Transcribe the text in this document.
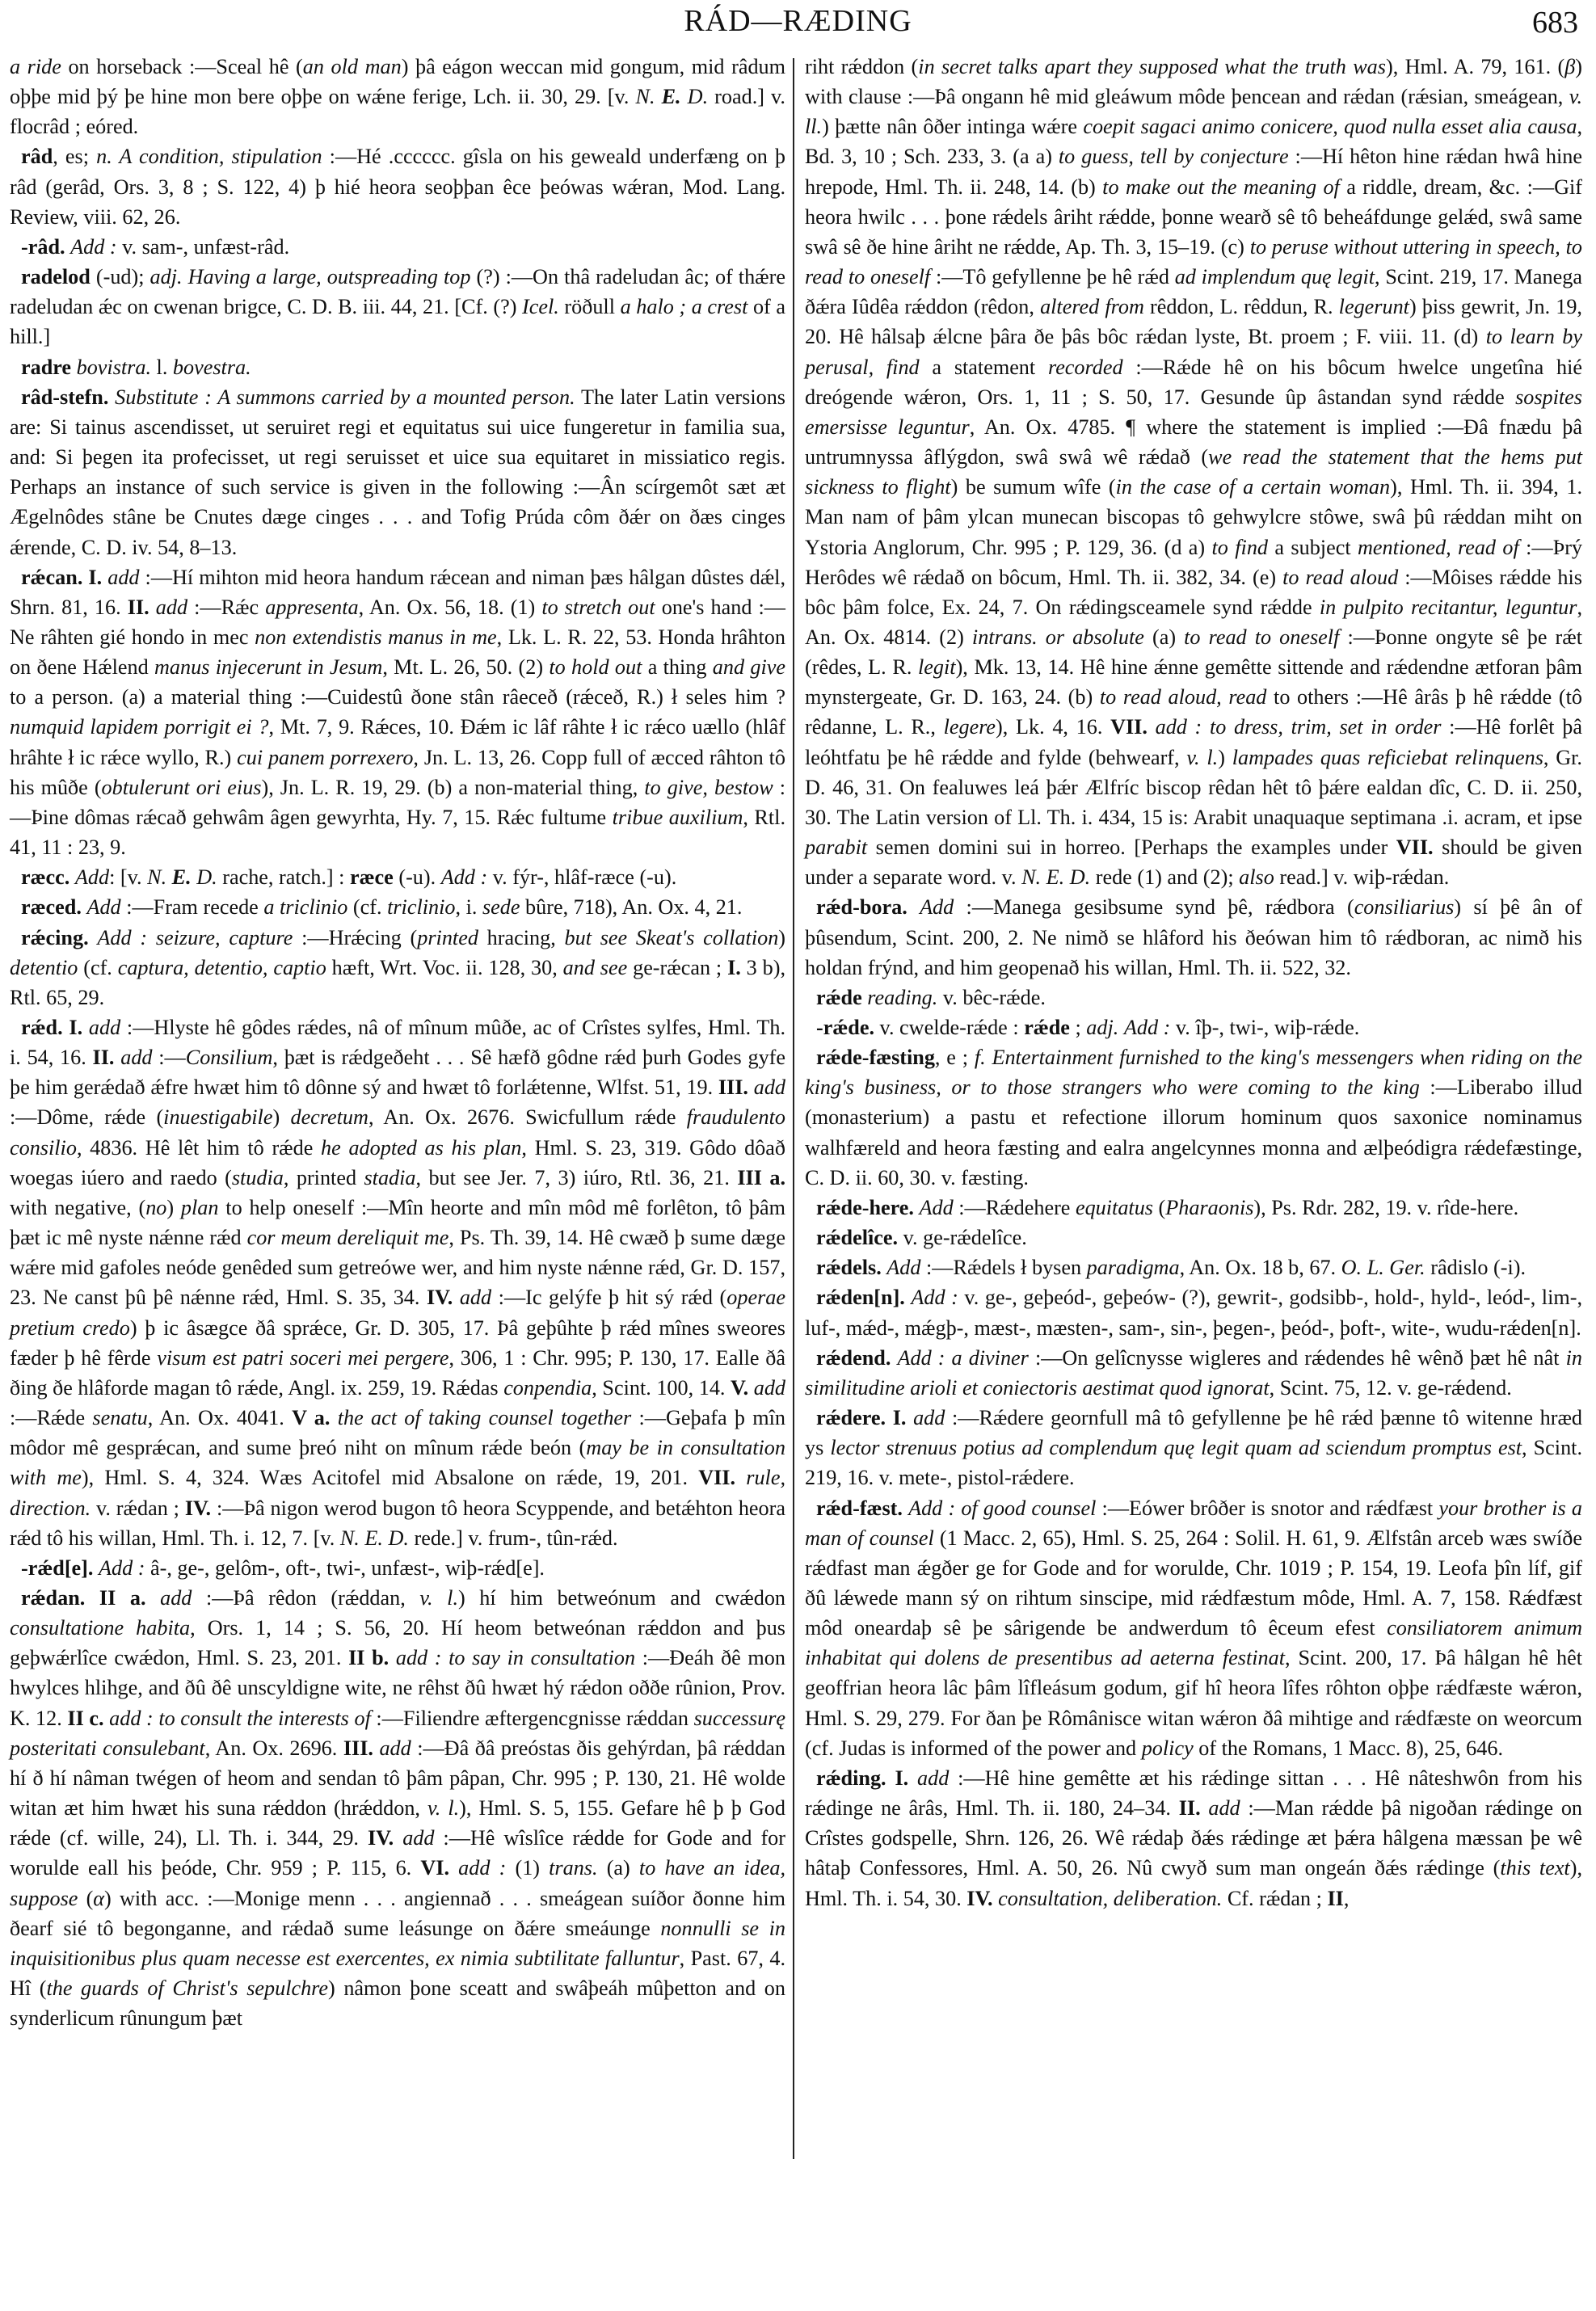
RÁD—RÆDING	683

a ride on horseback :—Sceal hê (an old man) þâ eágon weccan mid gongum, mid râdum oþþe mid þý þe hine mon bere oþþe on wǽne ferige, Lch. ii. 30, 29. [v. N. E. D. road.] v. flocrâd ; eóred.

râd, es; n. A condition, stipulation :—Hé .cccccc. gîsla on his geweald underfæng on þ râd (gerâd, Ors. 3, 8 ; S. 122, 4) þ hié heora seoþþan êce þeówas wǽran, Mod. Lang. Review, viii. 62, 26.

-râd. Add : v. sam-, unfæst-râd.

radelod (-ud); adj. Having a large, outspreading top (?) :—On thâ radeludan âc; of thǽre radeludan ǽc on cwenan brigce, C. D. B. iii. 44, 21. [Cf. (?) Icel. röðull a halo ; a crest of a hill.]

radre bovistra. l. bovestra.

râd-stefn. Substitute : A summons carried by a mounted person. The later Latin versions are: Si tainus ascendisset, ut seruiret regi et equitatus sui uice fungeretur in familia sua, and: Si þegen ita profecisset, ut regi seruisset et uice sua equitaret in missiatico regis. Perhaps an instance of such service is given in the following :—Ân scírgemôt sæt æt Ægelnôdes stâne be Cnutes dæge cinges . . . and Tofig Prúda côm ðǽr on ðæs cinges ǽrende, C. D. iv. 54, 8–13.

rǽcan. I. add :—Hí mihton mid heora handum rǽcean and niman þæs hâlgan dûstes dǽl, Shrn. 81, 16. II. add :—Rǽc appresenta, An. Ox. 56, 18. (1) to stretch out one's hand :—Ne râhten gié hondo in mec non extendistis manus in me, Lk. L. R. 22, 53. Honda hrâhton on ðene Hǽlend manus injecerunt in Jesum, Mt. L. 26, 50. (2) to hold out a thing and give to a person. (a) a material thing :—Cuidestû ðone stân râeceð (rǽceð, R.) ł seles him ? numquid lapidem porrigit ei ?, Mt. 7, 9. Rǽces, 10. Ðǽm ic lâf râhte ł ic rǽco uællo (hlâf hrâhte ł ic rǽce wyllo, R.) cui panem porrexero, Jn. L. 13, 26. Copp full of æcced râhton tô his mûðe (obtulerunt ori eius), Jn. L. R. 19, 29. (b) a non-material thing, to give, bestow :—Þine dômas rǽcað gehwâm âgen gewyrhta, Hy. 7, 15. Rǽc fultume tribue auxilium, Rtl. 41, 11 : 23, 9.

ræcc. Add: [v. N. E. D. rache, ratch.] : ræce (-u). Add : v. fýr-, hlâf-ræce (-u).

ræced. Add :—Fram recede a triclinio (cf. triclinio, i. sede bûre, 718), An. Ox. 4, 21.

rǽcing. Add : seizure, capture :—Hrǽcing (printed hracing, but see Skeat's collation) detentio (cf. captura, detentio, captio hæft, Wrt. Voc. ii. 128, 30, and see ge-rǽcan ; I. 3 b), Rtl. 65, 29.

rǽd. I. add :—Hlyste hê gôdes rǽdes, nâ of mînum mûðe, ac of Crîstes sylfes, Hml. Th. i. 54, 16. II. add :—Consilium, þæt is rǽdgeðeht . . . Sê hæfð gôdne rǽd þurh Godes gyfe þe him gerǽdað ǽfre hwæt him tô dônne sý and hwæt tô forlǽtenne, Wlfst. 51, 19. III. add :—Dôme, rǽde (inuestigabile) decretum, An. Ox. 2676. Swicfullum rǽde fraudulento consilio, 4836. Hê lêt him tô rǽde he adopted as his plan, Hml. S. 23, 319. Gôdo dôað woegas iúero and raedo (studia, printed stadia, but see Jer. 7, 3) iúro, Rtl. 36, 21. III a. with negative, (no) plan to help oneself :—Mîn heorte and mîn môd mê forlêton, tô þâm þæt ic mê nyste nǽnne rǽd cor meum dereliquit me, Ps. Th. 39, 14. Hê cwæð þ sume dæge wǽre mid gafoles neóde genêded sum getreówe wer, and him nyste nǽnne rǽd, Gr. D. 157, 23. Ne canst þû þê nǽnne rǽd, Hml. S. 35, 34. IV. add :—Ic gelýfe þ hit sý rǽd (operae pretium credo) þ ic âsægce ðâ sprǽce, Gr. D. 305, 17. Þâ geþûhte þ rǽd mînes sweores fæder þ hê fêrde visum est patri soceri mei pergere, 306, 1 : Chr. 995; P. 130, 17. Ealle ðâ ðing ðe hlâforde magan tô rǽde, Angl. ix. 259, 19. Rǽdas conpendia, Scint. 100, 14. V. add :—Rǽde senatu, An. Ox. 4041. V a. the act of taking counsel together :—Geþafa þ mîn môdor mê gesprǽcan, and sume þreó niht on mînum rǽde beón (may be in consultation with me), Hml. S. 4, 324. Wæs Acitofel mid Absalone on rǽde, 19, 201. VII. rule, direction. v. rǽdan ; IV. :—Þâ nigon werod bugon tô heora Scyppende, and betǽhton heora rǽd tô his willan, Hml. Th. i. 12, 7. [v. N. E. D. rede.] v. frum-, tûn-rǽd.

-rǽd[e]. Add : â-, ge-, gelôm-, oft-, twi-, unfæst-, wiþ-rǽd[e].

rǽdan. II a. add :—Þâ rêdon (rǽddan, v. l.) hí him betweónum and cwǽdon consultatione habita, Ors. 1, 14 ; S. 56, 20. Hí heom betweónan rǽddon and þus geþwǽrlîce cwǽdon, Hml. S. 23, 201. II b. add : to say in consultation :—Ðeáh ðê mon hwylces hlihge, and ðû ðê unscyldigne wite, ne rêhst ðû hwæt hý rǽdon oððe rûnion, Prov. K. 12. II c. add : to consult the interests of :—Filiendre æftergencgnisse rǽddan successurę posteritati consulebant, An. Ox. 2696. III. add :—Ðâ ðâ preóstas ðis gehýrdan, þâ rǽddan hí ð hí nâman twégen of heom and sendan tô þâm pâpan, Chr. 995 ; P. 130, 21. Hê wolde witan æt him hwæt his suna rǽddon (hrǽddon, v. l.), Hml. S. 5, 155. Gefare hê þ þ God rǽde (cf. wille, 24), Ll. Th. i. 344, 29. IV. add :—Hê wîslîce rǽdde for Gode and for worulde eall his þeóde, Chr. 959 ; P. 115, 6. VI. add : (1) trans. (a) to have an idea, suppose (α) with acc. :—Monige menn . . . angiennað . . . smeágean suíðor ðonne him ðearf sié tô begonganne, and rǽdað sume leásunge on ðǽre smeáunge nonnulli se in inquisitionibus plus quam necesse est exercentes, ex nimia subtilitate falluntur, Past. 67, 4. Hî (the guards of Christ's sepulchre) nâmon þone sceatt and swâþeáh mûþetton and on synderlicum rûnungum þæt

riht rǽddon (in secret talks apart they supposed what the truth was), Hml. A. 79, 161. (β) with clause :—Þâ ongann hê mid gleáwum môde þencean and rǽdan (rǽsian, smeágean, v. ll.) þætte nân ôðer intinga wǽre coepit sagaci animo conicere, quod nulla esset alia causa, Bd. 3, 10 ; Sch. 233, 3. (a a) to guess, tell by conjecture :—Hí hêton hine rǽdan hwâ hine hrepode, Hml. Th. ii. 248, 14. (b) to make out the meaning of a riddle, dream, &c. :—Gif heora hwilc . . . þone rǽdels âriht rǽdde, þonne wearð sê tô beheáfdunge gelǽd, swâ same swâ sê ðe hine âriht ne rǽdde, Ap. Th. 3, 15–19. (c) to peruse without uttering in speech, to read to oneself :—Tô gefyllenne þe hê rǽd ad implendum quę legit, Scint. 219, 17. Manega ðǽra Iûdêa rǽddon (rêdon, altered from rêddon, L. rêddun, R. legerunt) þiss gewrit, Jn. 19, 20. Hê hâlsaþ ǽlcne þâra ðe þâs bôc rǽdan lyste, Bt. proem ; F. viii. 11. (d) to learn by perusal, find a statement recorded :—Rǽde hê on his bôcum hwelce ungetîna hié dreógende wǽron, Ors. 1, 11 ; S. 50, 17. Gesunde ûp âstandan synd rǽdde sospites emersisse leguntur, An. Ox. 4785. ¶ where the statement is implied :—Ðâ fnædu þâ untrumnyssa âflýgdon, swâ swâ wê rǽdað (we read the statement that the hems put sickness to flight) be sumum wîfe (in the case of a certain woman), Hml. Th. ii. 394, 1. Man nam of þâm ylcan munecan biscopas tô gehwylcre stôwe, swâ þû rǽddan miht on Ystoria Anglorum, Chr. 995 ; P. 129, 36. (d a) to find a subject mentioned, read of :—Þrý Herôdes wê rǽdað on bôcum, Hml. Th. ii. 382, 34. (e) to read aloud :—Môises rǽdde his bôc þâm folce, Ex. 24, 7. On rǽdingsceamele synd rǽdde in pulpito recitantur, leguntur, An. Ox. 4814. (2) intrans. or absolute (a) to read to oneself :—Þonne ongyte sê þe rǽt (rêdes, L. R. legit), Mk. 13, 14. Hê hine ǽnne gemêtte sittende and rǽdendne ætforan þâm mynstergeate, Gr. D. 163, 24. (b) to read aloud, read to others :—Hê ârâs þ hê rǽdde (tô rêdanne, L. R., legere), Lk. 4, 16. VII. add : to dress, trim, set in order :—Hê forlêt þâ leóhtfatu þe hê rǽdde and fylde (behwearf, v. l.) lampades quas reficiebat relinquens, Gr. D. 46, 31. On fealuwes leá þǽr Ælfríc biscop rêdan hêt tô þǽre ealdan dîc, C. D. ii. 250, 30. The Latin version of Ll. Th. i. 434, 15 is: Arabit unaquaque septimana .i. acram, et ipse parabit semen domini sui in horreo. [Perhaps the examples under VII. should be given under a separate word. v. N. E. D. rede (1) and (2); also read.] v. wiþ-rǽdan.

rǽd-bora. Add :—Manega gesibsume synd þê, rǽdbora (consiliarius) sí þê ân of þûsendum, Scint. 200, 2. Ne nimð se hlâford his ðeówan him tô rǽdboran, ac nimð his holdan frýnd, and him geopenað his willan, Hml. Th. ii. 522, 32.

rǽde reading. v. bêc-rǽde.

-rǽde. v. cwelde-rǽde : rǽde ; adj. Add : v. îþ-, twi-, wiþ-rǽde.

rǽde-fæsting, e ; f. Entertainment furnished to the king's messengers when riding on the king's business, or to those strangers who were coming to the king :—Liberabo illud (monasterium) a pastu et refectione illorum hominum quos saxonice nominamus walhfæreld and heora fæsting and ealra angelcynnes monna and ælþeódigra rǽdefæstinge, C. D. ii. 60, 30. v. fæsting.

rǽde-here. Add :—Rǽdehere equitatus (Pharaonis), Ps. Rdr. 282, 19. v. rîde-here.

rǽdelîce. v. ge-rǽdelîce.

rǽdels. Add :—Rǽdels ł bysen paradigma, An. Ox. 18 b, 67. O. L. Ger. râdislo (-i).

rǽden[n]. Add : v. ge-, geþeód-, geþeów- (?), gewrit-, godsibb-, hold-, hyld-, leód-, lim-, luf-, mǽd-, mǽgþ-, mæst-, mæsten-, sam-, sin-, þegen-, þeód-, þoft-, wite-, wudu-rǽden[n].

rǽdend. Add : a diviner :—On gelîcnysse wigleres and rǽdendes hê wênð þæt hê nât in similitudine arioli et coniectoris aestimat quod ignorat, Scint. 75, 12. v. ge-rǽdend.

rǽdere. I. add :—Rǽdere geornfull mâ tô gefyllenne þe hê rǽd þænne tô witenne hræd ys lector strenuus potius ad complendum quę legit quam ad sciendum promptus est, Scint. 219, 16. v. mete-, pistol-rǽdere.

rǽd-fæst. Add : of good counsel :—Eówer brôðer is snotor and rǽdfæst your brother is a man of counsel (1 Macc. 2, 65), Hml. S. 25, 264 : Solil. H. 61, 9. Ælfstân arceb wæs swíðe rǽdfast man ǽgðer ge for Gode and for worulde, Chr. 1019 ; P. 154, 19. Leofa þîn líf, gif ðû lǽwede mann sý on rihtum sinscipe, mid rǽdfæstum môde, Hml. A. 7, 158. Rǽdfæst môd oneardaþ sê þe sârigende be andwerdum tô êceum efest consiliatorem animum inhabitat qui dolens de presentibus ad aeterna festinat, Scint. 200, 17. Þâ hâlgan hê hêt geoffrian heora lâc þâm lîfleásum godum, gif hî heora lîfes rôhton oþþe rǽdfæste wǽron, Hml. S. 29, 279. For ðan þe Rômânisce witan wǽron ðâ mihtige and rǽdfæste on weorcum (cf. Judas is informed of the power and policy of the Romans, 1 Macc. 8), 25, 646.

rǽding. I. add :—Hê hine gemêtte æt his rǽdinge sittan . . . Hê nâteshwôn from his rǽdinge ne ârâs, Hml. Th. ii. 180, 24–34. II. add :—Man rǽdde þâ nigoðan rǽdinge on Crîstes godspelle, Shrn. 126, 26. Wê rǽdaþ ðǽs rǽdinge æt þǽra hâlgena mæssan þe wê hâtaþ Confessores, Hml. A. 50, 26. Nû cwyð sum man ongeán ðǽs rǽdinge (this text), Hml. Th. i. 54, 30. IV. consultation, deliberation. Cf. rǽdan ; II,
